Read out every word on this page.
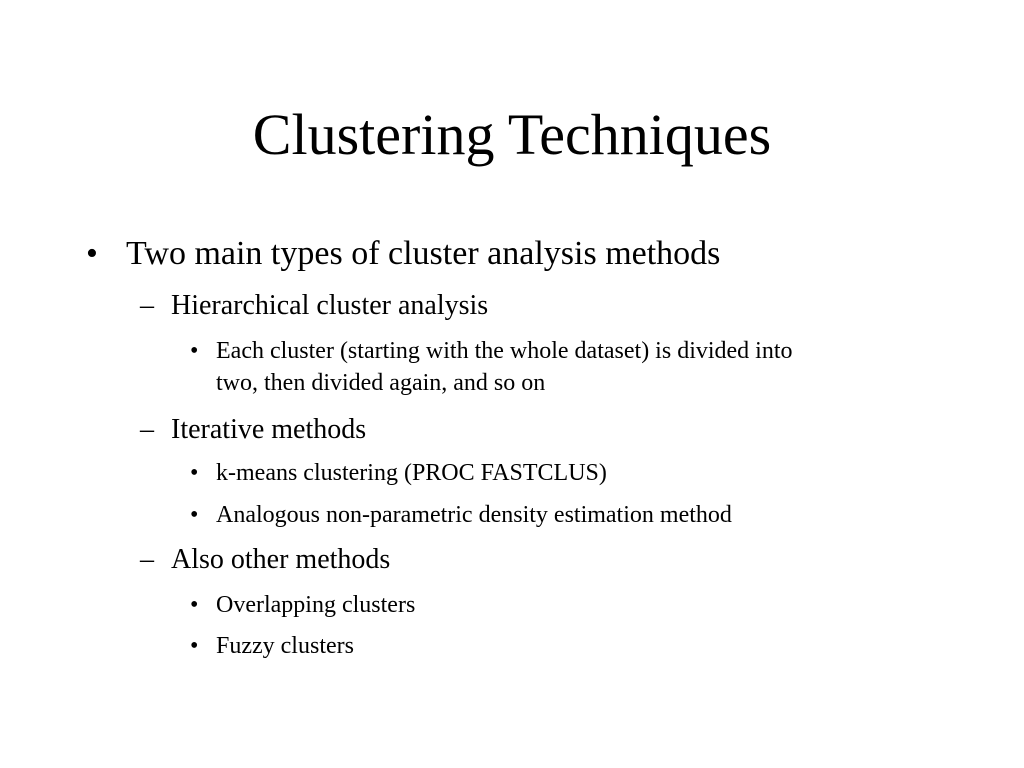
Clustering Techniques
• Two main types of cluster analysis methods
– Hierarchical cluster analysis
• Each cluster (starting with the whole dataset) is divided into
two, then divided again, and so on
– Iterative methods
• k-means clustering (PROC FASTCLUS)
• Analogous non-parametric density estimation method
– Also other methods
• Overlapping clusters
• Fuzzy clusters
